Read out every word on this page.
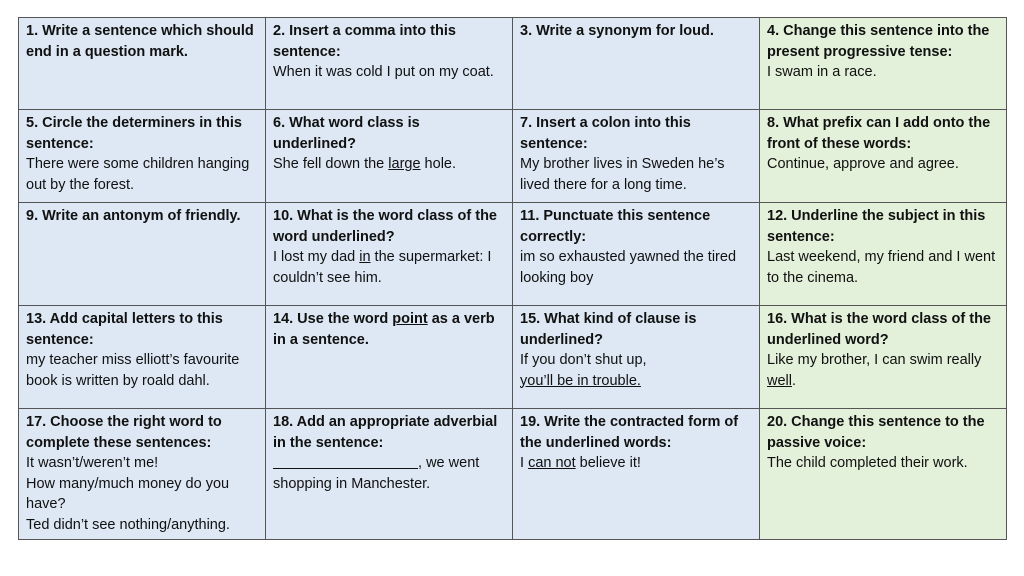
1. Write a sentence which should end in a question mark.	2. Insert a comma into this sentence:
When it was cold I put on my coat.	3. Write a synonym for loud.	4. Change this sentence into the present progressive tense:
I swam in a race.

5. Circle the determiners in this sentence:
There were some children hanging out by the forest.	6. What word class is underlined?
She fell down the large hole.	7. Insert a colon into this sentence:
My brother lives in Sweden he’s lived there for a long time.	8. What prefix can I add onto the front of these words:
Continue, approve and agree.

9. Write an antonym of friendly.	10. What is the word class of the word underlined?
I lost my dad in the supermarket: I couldn’t see him.	11. Punctuate this sentence correctly:
im so exhausted yawned the tired looking boy	12. Underline the subject in this sentence:
Last weekend, my friend and I went to the cinema.

13. Add capital letters to this sentence:
my teacher miss elliott’s favourite book is written by roald dahl.	14. Use the word point as a verb in a sentence.	15. What kind of clause is underlined?
If you don’t shut up, you’ll be in trouble.	16. What is the word class of the underlined word?
Like my brother, I can swim really well.

17. Choose the right word to complete these sentences:
It wasn’t/weren’t me!
How many/much money do you have?
Ted didn’t see nothing/anything.	18. Add an appropriate adverbial in the sentence:
, we went shopping in Manchester.	19. Write the contracted form of the underlined words:
I can not believe it!	20. Change this sentence to the passive voice:
The child completed their work.
